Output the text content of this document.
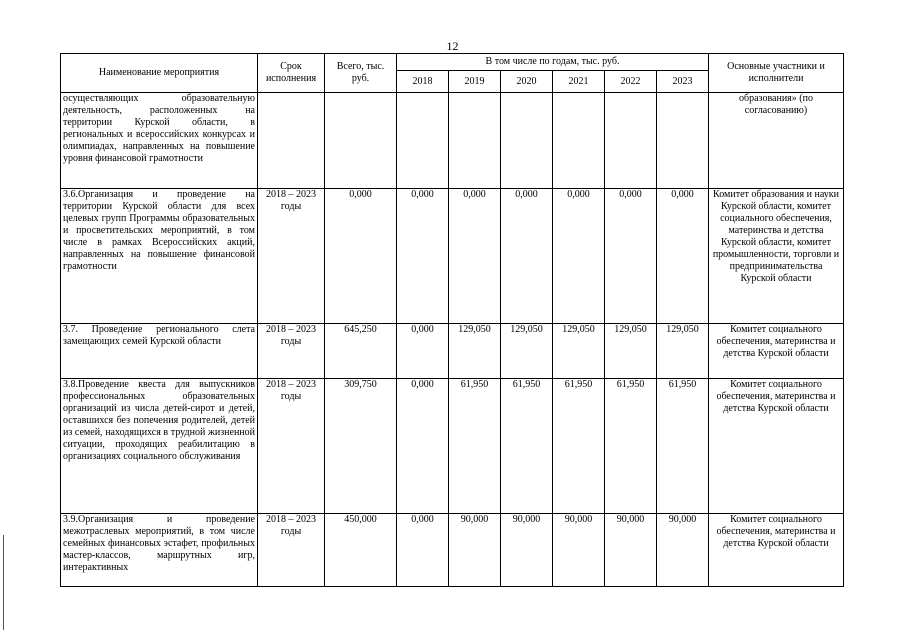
12
Наименование мероприятия	Срок исполнения	Всего, тыс. руб.	В том числе по годам, тыс. руб.						Основные участники и исполнители
			2018	2019	2020	2021	2022	2023	
осуществляющих образовательную деятельность, расположенных на территории Курской области, в региональных и всероссийских конкурсах и олимпиадах, направленных на повышение уровня финансовой грамотности									образования» (по согласованию)
3.6.Организация и проведение на территории Курской области для всех целевых групп Программы образовательных и просветительских мероприятий, в том числе в рамках Всероссийских акций, направленных на повышение финансовой грамотности	2018 – 2023 годы	0,000	0,000	0,000	0,000	0,000	0,000	0,000	Комитет образования и науки Курской области, комитет социального обеспечения, материнства и детства Курской области, комитет промышленности, торговли и предпринимательства Курской области
3.7. Проведение регионального слета замещающих семей Курской области	2018 – 2023 годы	645,250	0,000	129,050	129,050	129,050	129,050	129,050	Комитет социального обеспечения, материнства и детства Курской области
3.8.Проведение квеста для выпускников профессиональных образовательных организаций из числа детей-сирот и детей, оставшихся без попечения родителей, детей из семей, находящихся в трудной жизненной ситуации, проходящих реабилитацию в организациях социального обслуживания	2018 – 2023 годы	309,750	0,000	61,950	61,950	61,950	61,950	61,950	Комитет социального обеспечения, материнства и детства Курской области
3.9.Организация и проведение межотраслевых мероприятий, в том числе семейных финансовых эстафет, профильных мастер-классов, маршрутных игр, интерактивных	2018 – 2023 годы	450,000	0,000	90,000	90,000	90,000	90,000	90,000	Комитет социального обеспечения, материнства и детства Курской области
